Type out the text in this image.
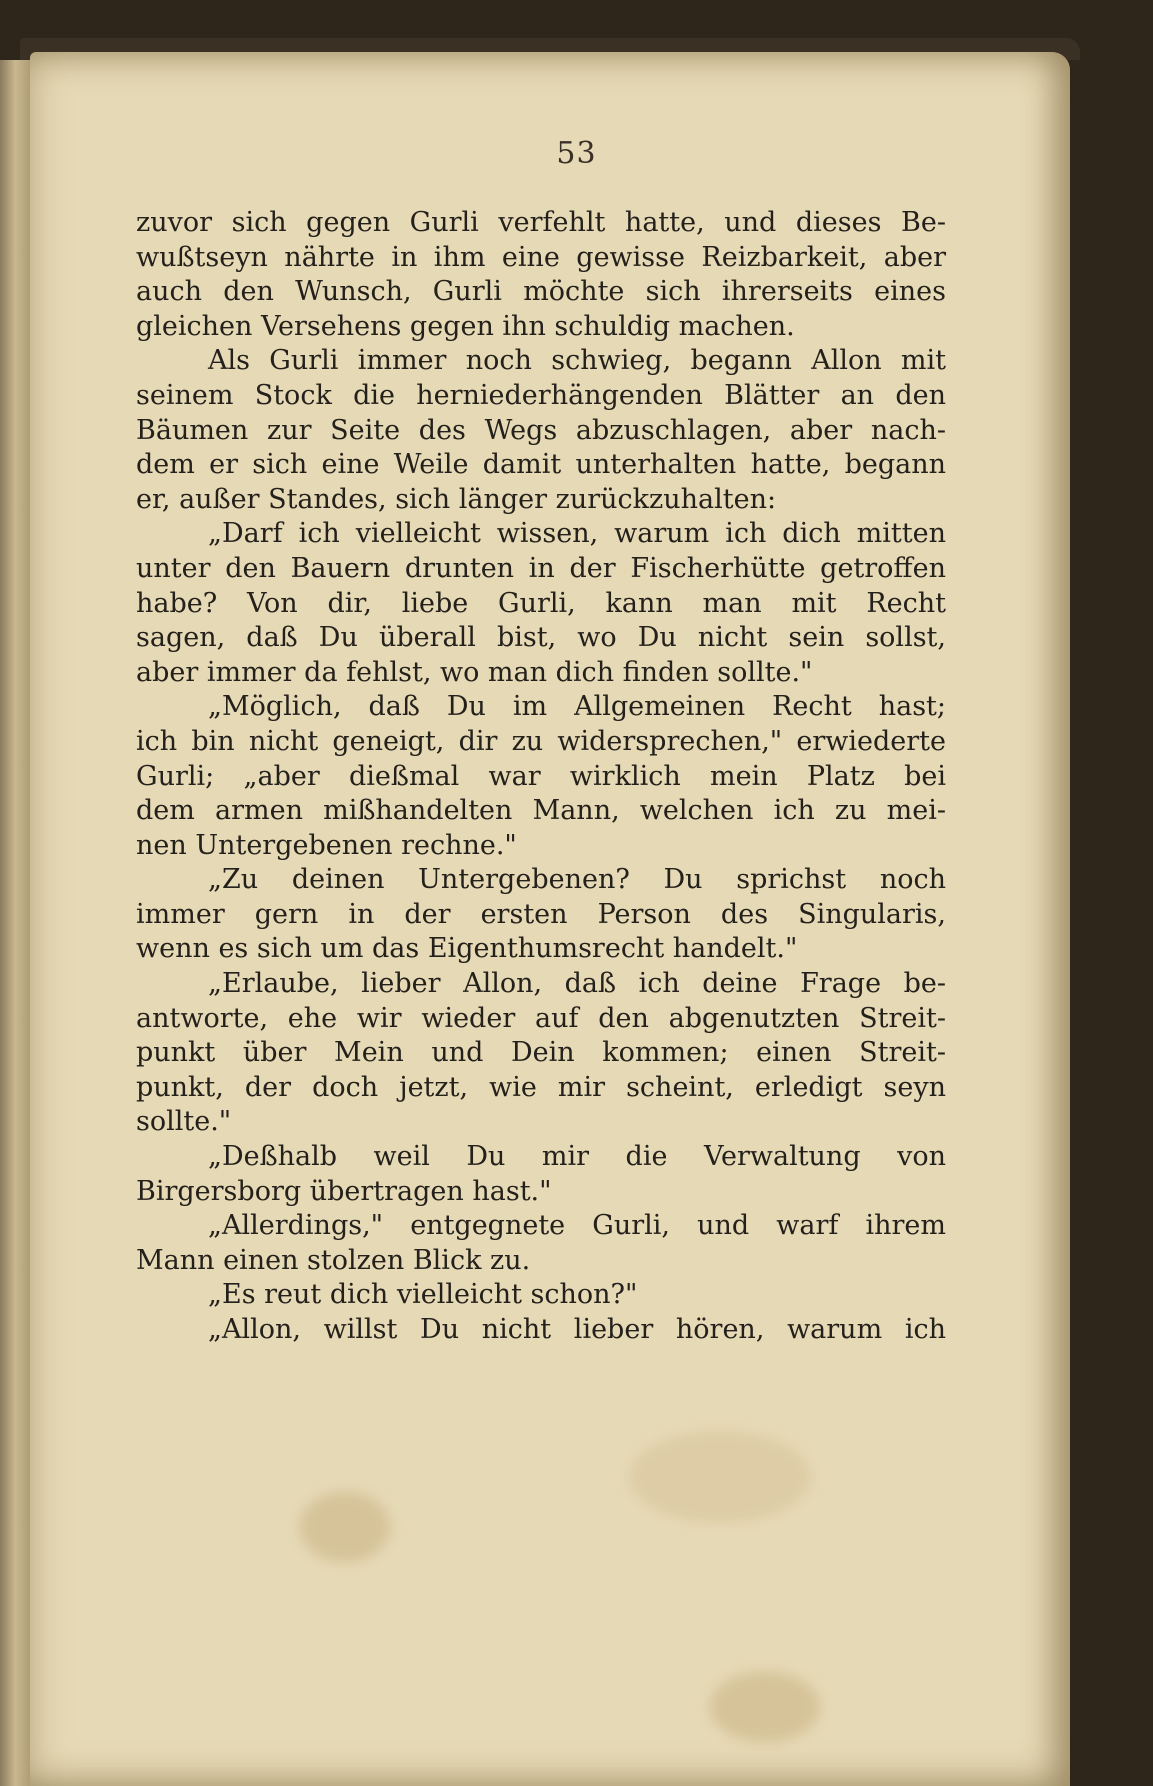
53
zuvor sich gegen Gurli verfehlt hatte, und dieses Be-
wußtseyn nährte in ihm eine gewisse Reizbarkeit, aber
auch den Wunsch, Gurli möchte sich ihrerseits eines
gleichen Versehens gegen ihn schuldig machen.
Als Gurli immer noch schwieg, begann Allon mit
seinem Stock die herniederhängenden Blätter an den
Bäumen zur Seite des Wegs abzuschlagen, aber nach-
dem er sich eine Weile damit unterhalten hatte, begann
er, außer Standes, sich länger zurückzuhalten:
„Darf ich vielleicht wissen, warum ich dich mitten
unter den Bauern drunten in der Fischerhütte getroffen
habe? Von dir, liebe Gurli, kann man mit Recht
sagen, daß Du überall bist, wo Du nicht sein sollst,
aber immer da fehlst, wo man dich finden sollte."
„Möglich, daß Du im Allgemeinen Recht hast;
ich bin nicht geneigt, dir zu widersprechen," erwiederte
Gurli; „aber dießmal war wirklich mein Platz bei
dem armen mißhandelten Mann, welchen ich zu mei-
nen Untergebenen rechne."
„Zu deinen Untergebenen? Du sprichst noch
immer gern in der ersten Person des Singularis,
wenn es sich um das Eigenthumsrecht handelt."
„Erlaube, lieber Allon, daß ich deine Frage be-
antworte, ehe wir wieder auf den abgenutzten Streit-
punkt über Mein und Dein kommen; einen Streit-
punkt, der doch jetzt, wie mir scheint, erledigt seyn
sollte."
„Deßhalb weil Du mir die Verwaltung von
Birgersborg übertragen hast."
„Allerdings," entgegnete Gurli, und warf ihrem
Mann einen stolzen Blick zu.
„Es reut dich vielleicht schon?"
„Allon, willst Du nicht lieber hören, warum ich
